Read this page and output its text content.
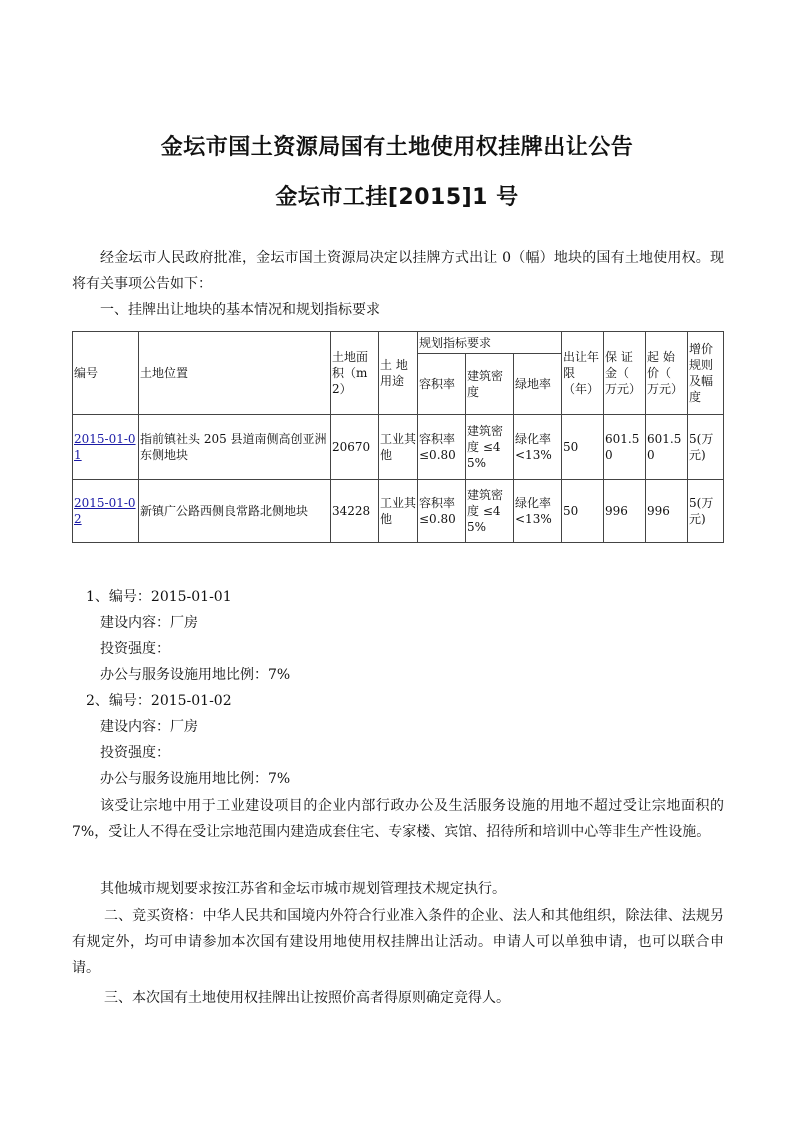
金坛市国土资源局国有土地使用权挂牌出让公告
金坛市工挂[2015]1 号
经金坛市人民政府批准，金坛市国土资源局决定以挂牌方式出让 0（幅）地块的国有土地使用权。现将有关事项公告如下：
一、挂牌出让地块的基本情况和规划指标要求
编号	土地位置	土地面积（m2）	土 地用途	规划指标要求			出让年限（年）	保 证金（ 万元）	起 始价（ 万元）	增价规则及幅度
				容积率	建筑密度	绿地率				
2015-01-01	指前镇社头 205 县道南侧高创亚洲东侧地块	20670	工业其他	容积率≤0.80	建筑密度 ≤45%	绿化率<13%	50	601.50	601.50	5(万元)
2015-01-02	新镇广公路西侧良常路北侧地块	34228	工业其他	容积率≤0.80	建筑密度 ≤45%	绿化率<13%	50	996	996	5(万元)
1、编号：2015-01-01
建设内容：厂房
投资强度：
办公与服务设施用地比例：7%
2、编号：2015-01-02
建设内容：厂房
投资强度：
办公与服务设施用地比例：7%
该受让宗地中用于工业建设项目的企业内部行政办公及生活服务设施的用地不超过受让宗地面积的 7%，受让人不得在受让宗地范围内建造成套住宅、专家楼、宾馆、招待所和培训中心等非生产性设施。
其他城市规划要求按江苏省和金坛市城市规划管理技术规定执行。
二、竞买资格：中华人民共和国境内外符合行业准入条件的企业、法人和其他组织，除法律、法规另有规定外，均可申请参加本次国有建设用地使用权挂牌出让活动。申请人可以单独申请，也可以联合申请。
三、本次国有土地使用权挂牌出让按照价高者得原则确定竞得人。
